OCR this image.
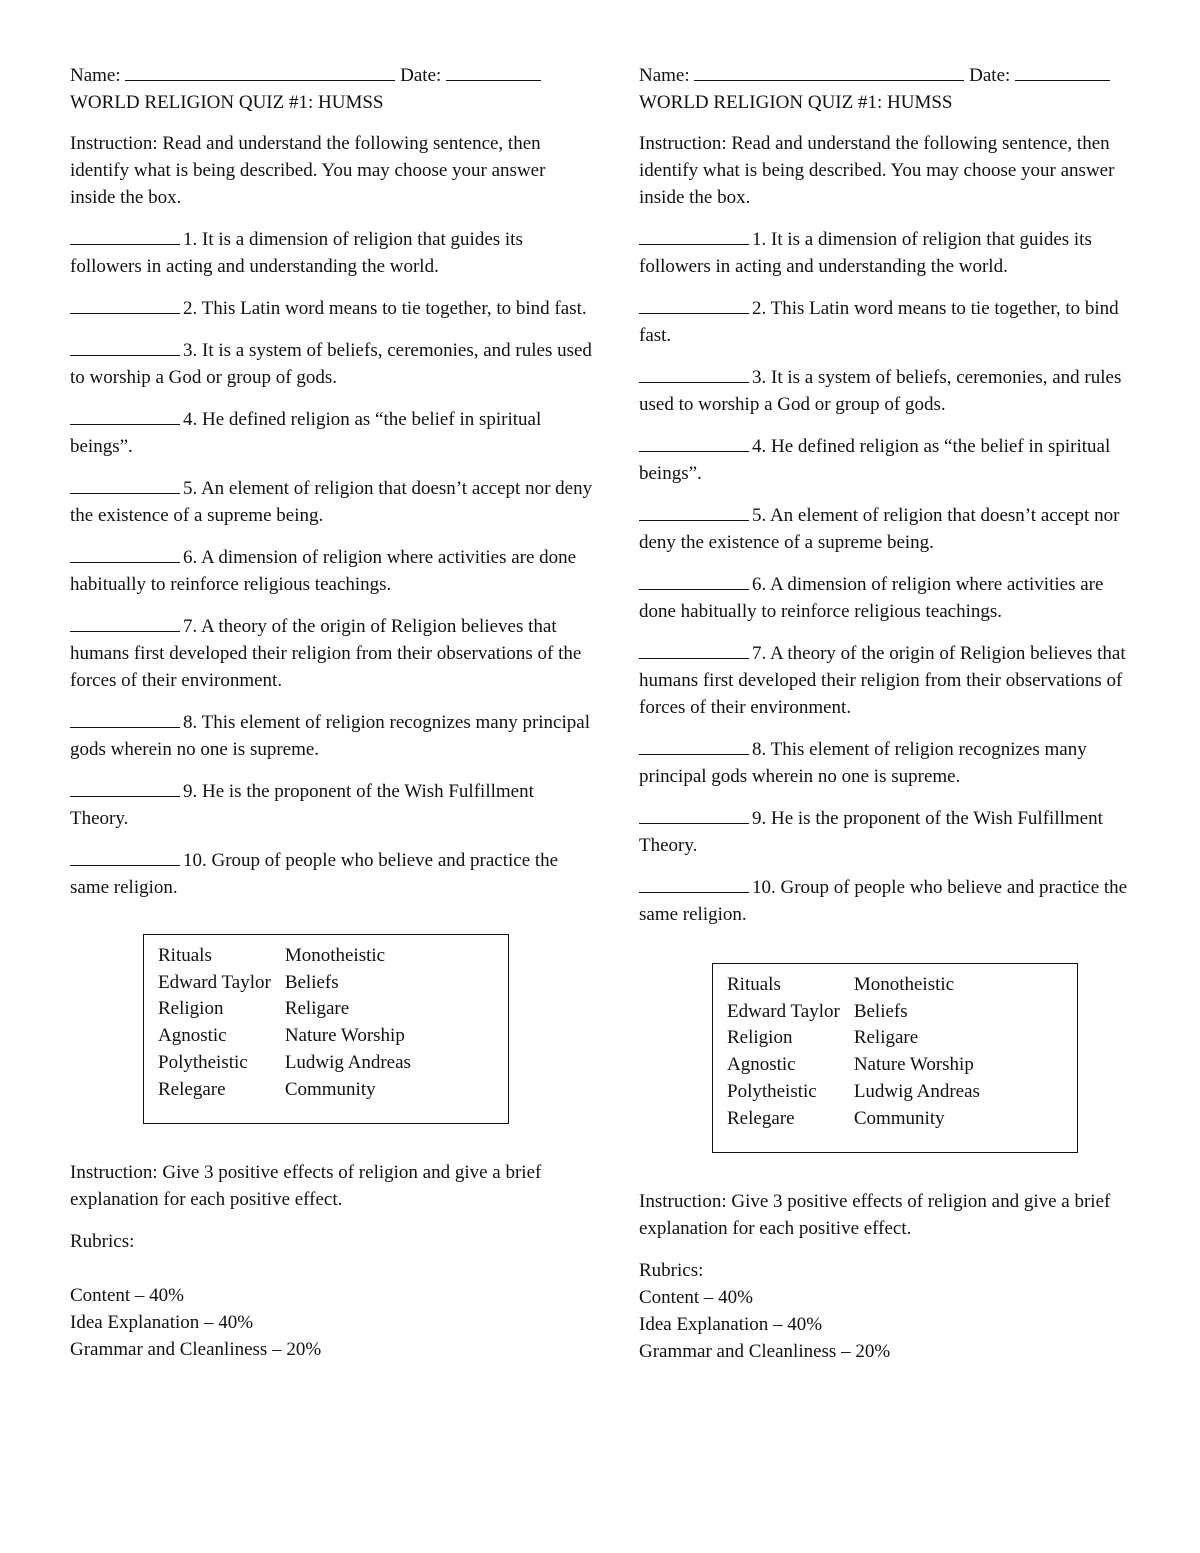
Name:	Date:

WORLD RELIGION QUIZ #1: HUMSS

Instruction: Read and understand the following sentence, then identify what is being described. You may choose your answer inside the box.

1. It is a dimension of religion that guides its followers in acting and understanding the world.

2. This Latin word means to tie together, to bind fast.

3. It is a system of beliefs, ceremonies, and rules used to worship a God or group of gods.

4. He defined religion as “the belief in spiritual beings”.

5. An element of religion that doesn’t accept nor deny the existence of a supreme being.

6. A dimension of religion where activities are done habitually to reinforce religious teachings.

7. A theory of the origin of Religion believes that humans first developed their religion from their observations of the forces of their environment.

8. This element of religion recognizes many principal gods wherein no one is supreme.

9. He is the proponent of the Wish Fulfillment Theory.

10. Group of people who believe and practice the same religion.

Rituals	Monotheistic
Edward Taylor	Beliefs
Religion	Religare
Agnostic	Nature Worship
Polytheistic	Ludwig Andreas
Relegare	Community

Instruction: Give 3 positive effects of religion and give a brief explanation for each positive effect.

Rubrics:

Content – 40%

Idea Explanation – 40%

Grammar and Cleanliness – 20%

Name:	Date:

WORLD RELIGION QUIZ #1: HUMSS

Instruction: Read and understand the following sentence, then identify what is being described. You may choose your answer inside the box.

1. It is a dimension of religion that guides its followers in acting and understanding the world.

2. This Latin word means to tie together, to bind fast.

3. It is a system of beliefs, ceremonies, and rules used to worship a God or group of gods.

4. He defined religion as “the belief in spiritual beings”.

5. An element of religion that doesn’t accept nor deny the existence of a supreme being.

6. A dimension of religion where activities are done habitually to reinforce religious teachings.

7. A theory of the origin of Religion believes that humans first developed their religion from their observations of forces of their environment.

8. This element of religion recognizes many principal gods wherein no one is supreme.

9. He is the proponent of the Wish Fulfillment Theory.

10. Group of people who believe and practice the same religion.

Rituals	Monotheistic
Edward Taylor	Beliefs
Religion	Religare
Agnostic	Nature Worship
Polytheistic	Ludwig Andreas
Relegare	Community

Instruction: Give 3 positive effects of religion and give a brief explanation for each positive effect.

Rubrics:

Content – 40%

Idea Explanation – 40%

Grammar and Cleanliness – 20%
